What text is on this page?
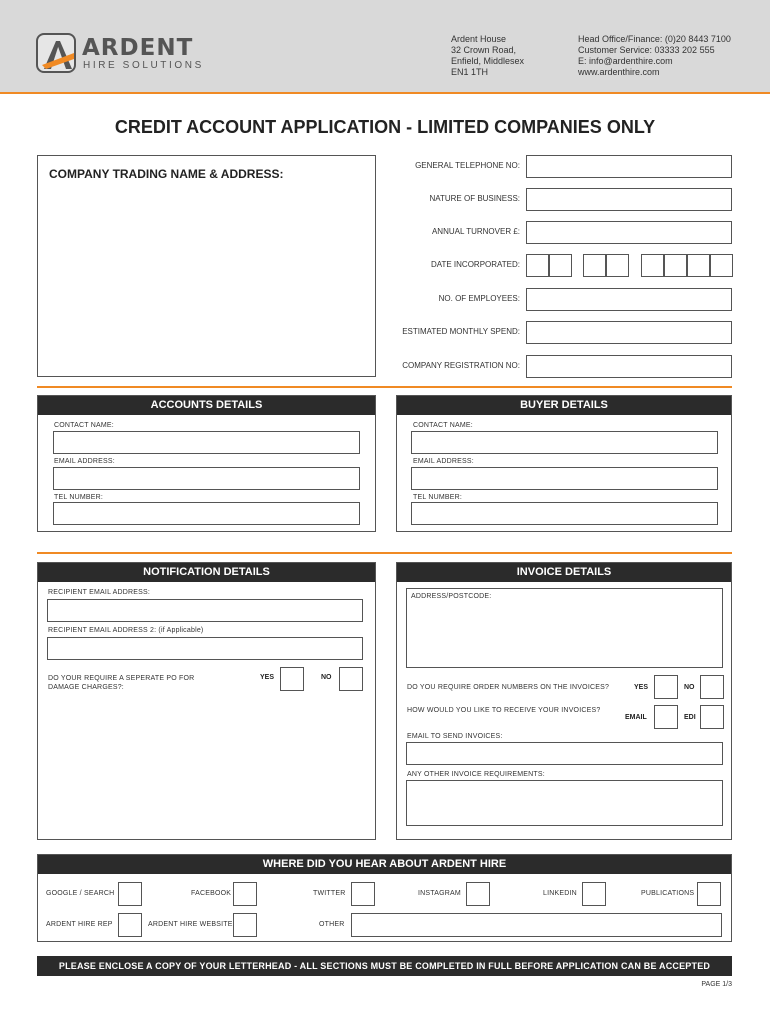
ARDENT
HIRE SOLUTIONS
Ardent House
32 Crown Road,
Enfield, Middlesex
EN1 1TH
Head Office/Finance: (0)20 8443 7100
Customer Service: 03333 202 555
E: info@ardenthire.com
www.ardenthire.com
CREDIT ACCOUNT APPLICATION - LIMITED COMPANIES ONLY
COMPANY TRADING NAME & ADDRESS:
GENERAL TELEPHONE NO:
NATURE OF BUSINESS:
ANNUAL TURNOVER £:
DATE INCORPORATED:
NO. OF EMPLOYEES:
ESTIMATED MONTHLY SPEND:
COMPANY REGISTRATION NO:
ACCOUNTS DETAILS
CONTACT NAME:
EMAIL ADDRESS:
TEL NUMBER:
BUYER DETAILS
CONTACT NAME:
EMAIL ADDRESS:
TEL NUMBER:
NOTIFICATION DETAILS
RECIPIENT EMAIL ADDRESS:
RECIPIENT EMAIL ADDRESS 2: (if Applicable)
DO YOUR REQUIRE A SEPERATE PO FOR
DAMAGE CHARGES?:
YES	NO
INVOICE DETAILS
ADDRESS/POSTCODE:
DO YOU REQUIRE ORDER NUMBERS ON THE INVOICES?	YES	NO
HOW WOULD YOU LIKE TO RECEIVE YOUR INVOICES?
EMAIL	EDI
EMAIL TO SEND INVOICES:
ANY OTHER INVOICE REQUIREMENTS:
WHERE DID YOU HEAR ABOUT ARDENT HIRE
GOOGLE / SEARCH	FACEBOOK	TWITTER	INSTAGRAM	LINKEDIN	PUBLICATIONS
ARDENT HIRE REP	ARDENT HIRE WEBSITE	OTHER
PLEASE ENCLOSE A COPY OF YOUR LETTERHEAD - ALL SECTIONS MUST BE COMPLETED IN FULL BEFORE APPLICATION CAN BE ACCEPTED
PAGE 1/3
